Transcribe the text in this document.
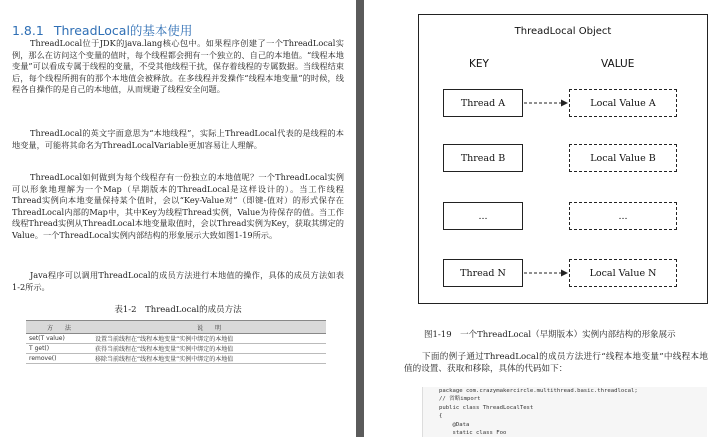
1.8.1 ThreadLocal的基本使用

ThreadLocal位于JDK的java.lang核心包中。如果程序创建了一个ThreadLocal实例，那么在访问这个变量的值时，每个线程都会拥有一个独立的、自己的本地值。“线程本地变量”可以看成专属于线程的变量，不受其他线程干扰，保存着线程的专属数据。当线程结束后，每个线程所拥有的那个本地值会被释放。在多线程并发操作“线程本地变量”的时候，线程各自操作的是自己的本地值，从而规避了线程安全问题。

ThreadLocal的英文字面意思为“本地线程”，实际上ThreadLocal代表的是线程的本地变量，可能将其命名为ThreadLocalVariable更加容易让人理解。

ThreadLocal如何做到为每个线程存有一份独立的本地值呢？一个ThreadLocal实例可以形象地理解为一个Map（早期版本的ThreadLocal是这样设计的）。当工作线程Thread实例向本地变量保持某个值时，会以“Key-Value对”（即键-值对）的形式保存在ThreadLocal内部的Map中，其中Key为线程Thread实例，Value为待保存的值。当工作线程Thread实例从ThreadLocal本地变量取值时，会以Thread实例为Key，获取其绑定的Value。一个ThreadLocal实例内部结构的形象展示大致如图1-19所示。

Java程序可以调用ThreadLocal的成员方法进行本地值的操作，具体的成员方法如表1-2所示。

表1-2　ThreadLocal的成员方法
方　　法	说　　明
set(T value)	设置当前线程在“线程本地变量”实例中绑定的本地值
T get()	获得当前线程在“线程本地变量”实例中绑定的本地值
remove()	移除当前线程在“线程本地变量”实例中绑定的本地值
ThreadLocal Object
KEY	VALUE
Thread A
Thread B
...
Thread N
Local Value A
Local Value B
...
Local Value N
图1-19　一个ThreadLocal（早期版本）实例内部结构的形象展示

下面的例子通过ThreadLocal的成员方法进行“线程本地变量”中线程本地值的设置、获取和移除，具体的代码如下：

package com.crazymakercircle.multithread.basic.threadlocal;
// 省略import
public class ThreadLocalTest
{
@Data
static class Foo
